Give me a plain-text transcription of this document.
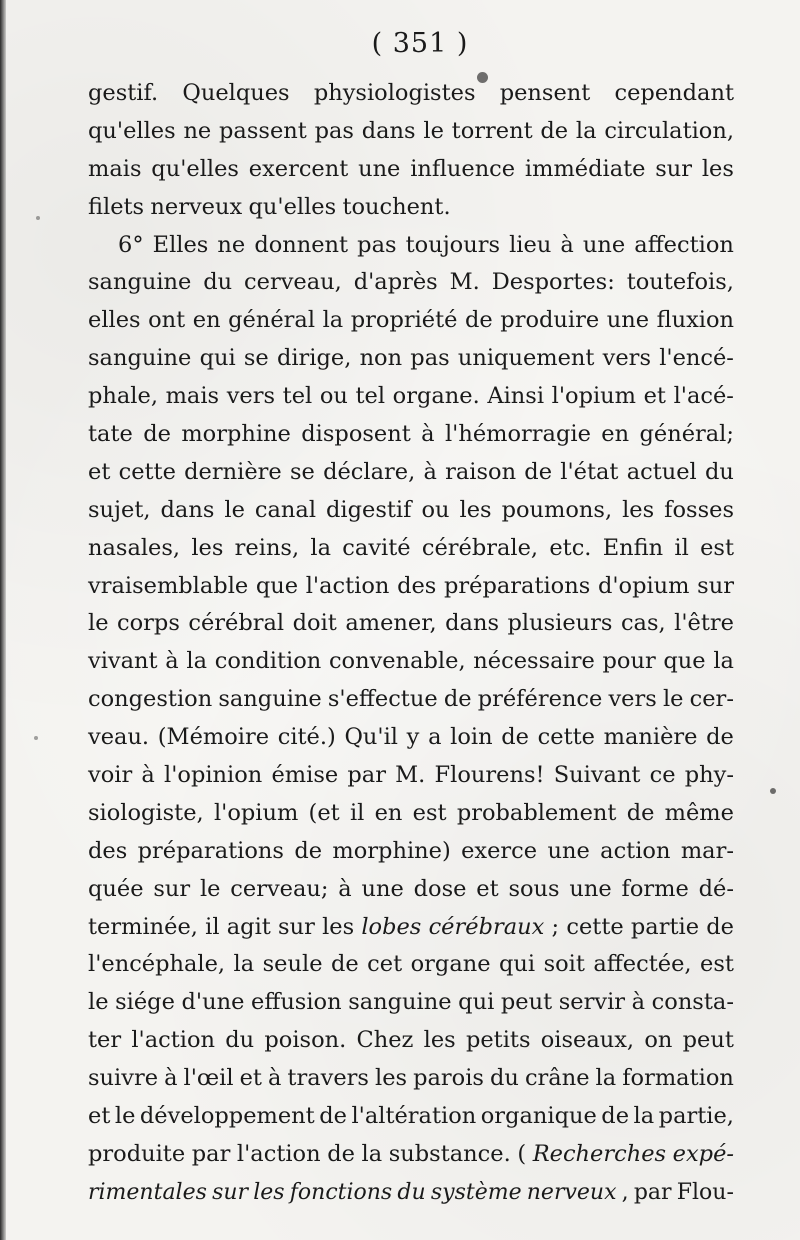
( 351 )
gestif. Quelques physiologistes pensent cependant
qu'elles ne passent pas dans le torrent de la circulation,
mais qu'elles exercent une influence immédiate sur les
filets nerveux qu'elles touchent.
6° Elles ne donnent pas toujours lieu à une affection
sanguine du cerveau, d'après M. Desportes: toutefois,
elles ont en général la propriété de produire une fluxion
sanguine qui se dirige, non pas uniquement vers l'encé-
phale, mais vers tel ou tel organe. Ainsi l'opium et l'acé-
tate de morphine disposent à l'hémorragie en général;
et cette dernière se déclare, à raison de l'état actuel du
sujet, dans le canal digestif ou les poumons, les fosses
nasales, les reins, la cavité cérébrale, etc. Enfin il est
vraisemblable que l'action des préparations d'opium sur
le corps cérébral doit amener, dans plusieurs cas, l'être
vivant à la condition convenable, nécessaire pour que la
congestion sanguine s'effectue de préférence vers le cer-
veau. (Mémoire cité.) Qu'il y a loin de cette manière de
voir à l'opinion émise par M. Flourens! Suivant ce phy-
siologiste, l'opium (et il en est probablement de même
des préparations de morphine) exerce une action mar-
quée sur le cerveau; à une dose et sous une forme dé-
terminée, il agit sur les lobes cérébraux ; cette partie de
l'encéphale, la seule de cet organe qui soit affectée, est
le siége d'une effusion sanguine qui peut servir à consta-
ter l'action du poison. Chez les petits oiseaux, on peut
suivre à l'œil et à travers les parois du crâne la formation
et le développement de l'altération organique de la partie,
produite par l'action de la substance. ( Recherches expé-
rimentales sur les fonctions du système nerveux , par Flou-
